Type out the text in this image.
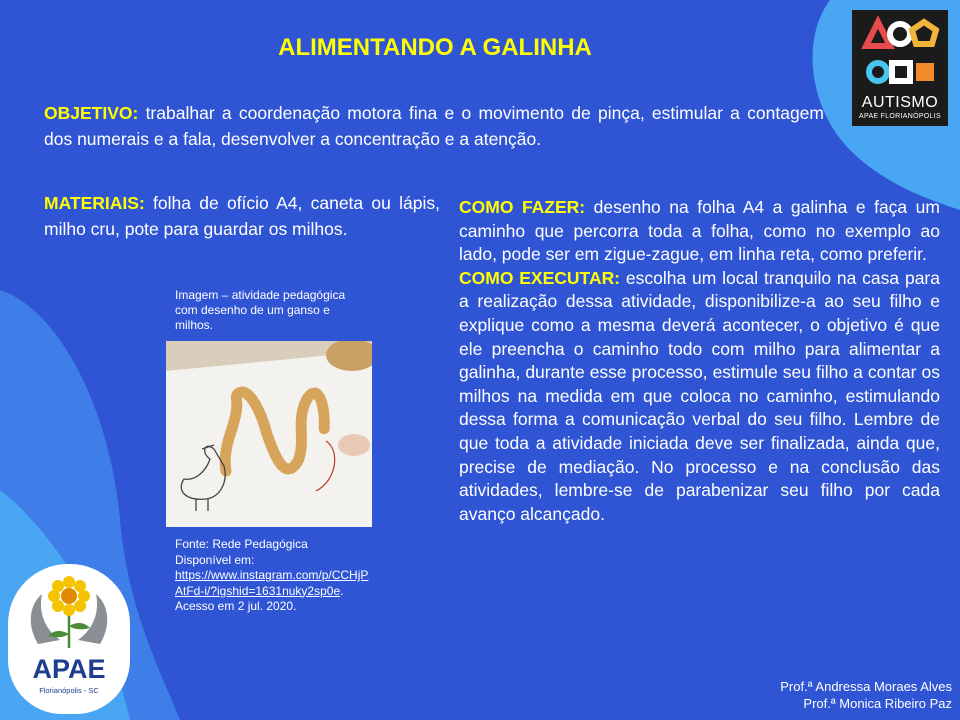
AUTISMO
APAE FLORIANÓPOLIS
ALIMENTANDO A GALINHA
OBJETIVO: trabalhar a coordenação motora fina e o movimento de pinça, estimular a contagem dos numerais e a fala, desenvolver a concentração e a atenção.
MATERIAIS: folha de ofício A4, caneta ou lápis, milho cru, pote para guardar os milhos.
COMO FAZER: desenho na folha A4 a galinha e faça um caminho que percorra toda a folha, como no exemplo ao lado, pode ser em zigue-zague, em linha reta, como preferir.
COMO EXECUTAR: escolha um local tranquilo na casa para a realização dessa atividade, disponibilize-a ao seu filho e explique como a mesma deverá acontecer, o objetivo é que ele preencha o caminho todo com milho para alimentar a galinha, durante esse processo, estimule seu filho a contar os milhos na medida em que coloca no caminho, estimulando dessa forma a comunicação verbal do seu filho. Lembre de que toda a atividade iniciada deve ser finalizada, ainda que, precise de mediação. No processo e na conclusão das atividades, lembre-se de parabenizar seu filho por cada avanço alcançado.
Imagem – atividade pedagógica com desenho de um ganso e milhos.
Fonte: Rede Pedagógica
Disponível em:
https://www.instagram.com/p/CCHjPAtFd-i/?igshid=1631nuky2sp0e.
Acesso em 2 jul. 2020.
APAE
Florianópolis - SC	Prof.ª Andressa Moraes Alves
Prof.ª Monica Ribeiro Paz
